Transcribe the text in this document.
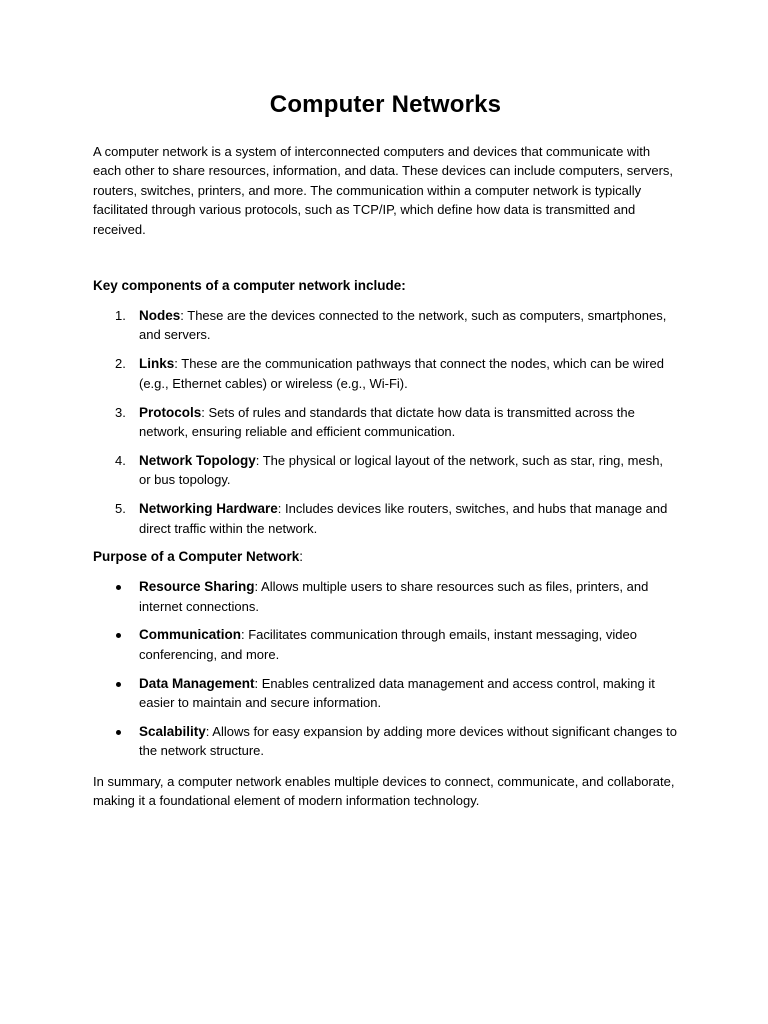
Computer Networks

A computer network is a system of interconnected computers and devices that communicate with each other to share resources, information, and data. These devices can include computers, servers, routers, switches, printers, and more. The communication within a computer network is typically facilitated through various protocols, such as TCP/IP, which define how data is transmitted and received.

Key components of a computer network include:
1. Nodes: These are the devices connected to the network, such as computers, smartphones, and servers.
2. Links: These are the communication pathways that connect the nodes, which can be wired (e.g., Ethernet cables) or wireless (e.g., Wi-Fi).
3. Protocols: Sets of rules and standards that dictate how data is transmitted across the network, ensuring reliable and efficient communication.
4. Network Topology: The physical or logical layout of the network, such as star, ring, mesh, or bus topology.
5. Networking Hardware: Includes devices like routers, switches, and hubs that manage and direct traffic within the network.
Purpose of a Computer Network:
Resource Sharing: Allows multiple users to share resources such as files, printers, and internet connections.
Communication: Facilitates communication through emails, instant messaging, video conferencing, and more.
Data Management: Enables centralized data management and access control, making it easier to maintain and secure information.
Scalability: Allows for easy expansion by adding more devices without significant changes to the network structure.

In summary, a computer network enables multiple devices to connect, communicate, and collaborate, making it a foundational element of modern information technology.
